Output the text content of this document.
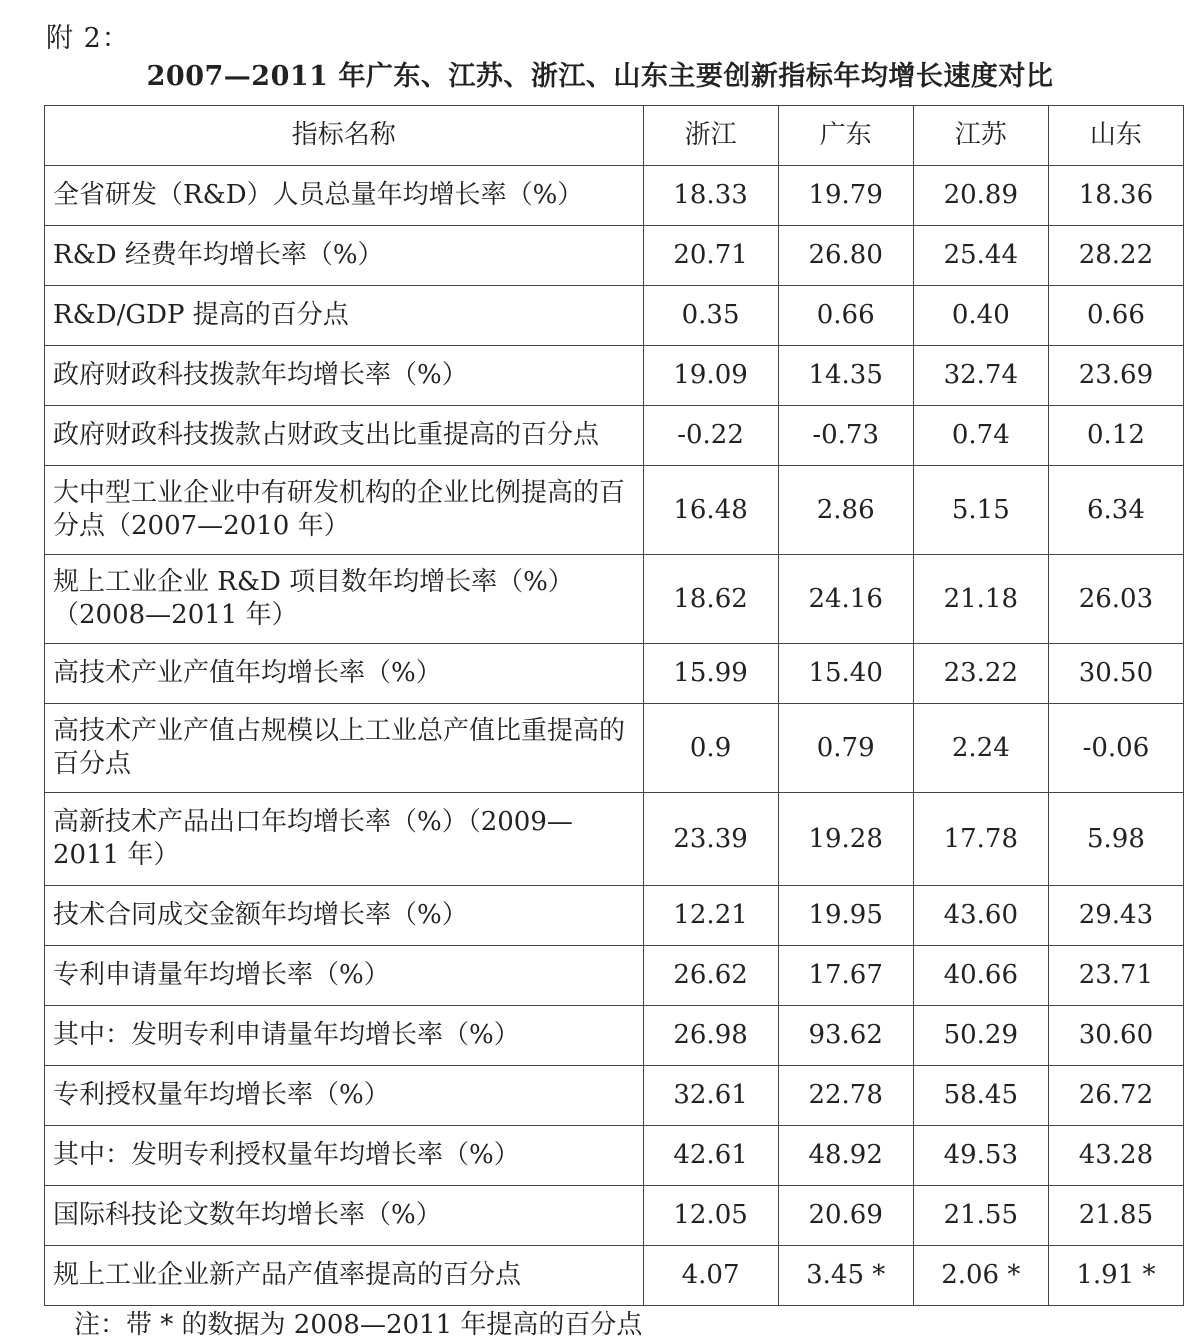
附 2：
2007—2011 年广东、江苏、浙江、山东主要创新指标年均增长速度对比
指标名称	浙江	广东	江苏	山东
全省研发（R&D）人员总量年均增长率（%）	18.33	19.79	20.89	18.36
R&D 经费年均增长率（%）	20.71	26.80	25.44	28.22
R&D/GDP 提高的百分点	0.35	0.66	0.40	0.66
政府财政科技拨款年均增长率（%）	19.09	14.35	32.74	23.69
政府财政科技拨款占财政支出比重提高的百分点	-0.22	-0.73	0.74	0.12
大中型工业企业中有研发机构的企业比例提高的百分点（2007—2010 年）	16.48	2.86	5.15	6.34
规上工业企业 R&D 项目数年均增长率（%）（2008—2011 年）	18.62	24.16	21.18	26.03
高技术产业产值年均增长率（%）	15.99	15.40	23.22	30.50
高技术产业产值占规模以上工业总产值比重提高的百分点	0.9	0.79	2.24	-0.06
高新技术产品出口年均增长率（%）（2009—2011 年）	23.39	19.28	17.78	5.98
技术合同成交金额年均增长率（%）	12.21	19.95	43.60	29.43
专利申请量年均增长率（%）	26.62	17.67	40.66	23.71
其中：发明专利申请量年均增长率（%）	26.98	93.62	50.29	30.60
专利授权量年均增长率（%）	32.61	22.78	58.45	26.72
其中：发明专利授权量年均增长率（%）	42.61	48.92	49.53	43.28
国际科技论文数年均增长率（%）	12.05	20.69	21.55	21.85
规上工业企业新产品产值率提高的百分点	4.07	3.45 *	2.06 *	1.91 *
注：带 * 的数据为 2008—2011 年提高的百分点
